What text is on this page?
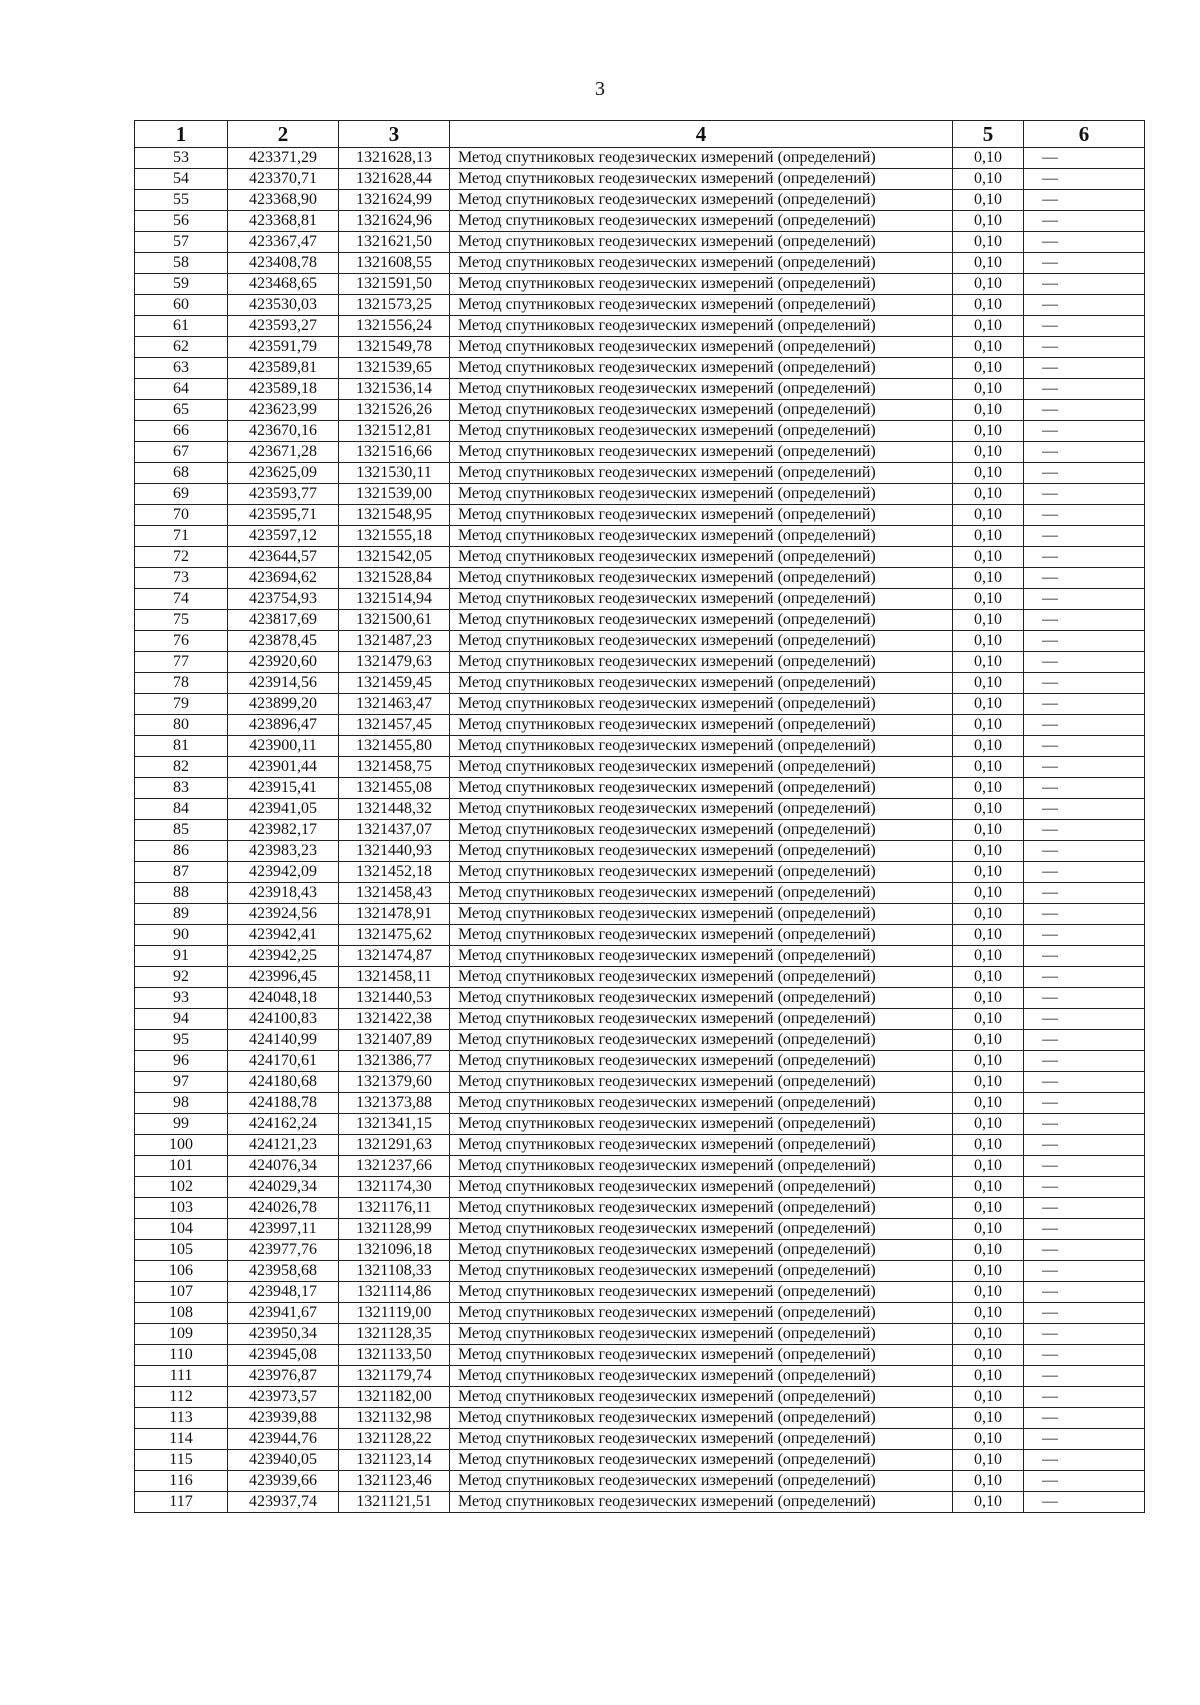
3
1	2	3	4	5	6
53	423371,29	1321628,13	Метод спутниковых геодезических измерений (определений)	0,10	—
54	423370,71	1321628,44	Метод спутниковых геодезических измерений (определений)	0,10	—
55	423368,90	1321624,99	Метод спутниковых геодезических измерений (определений)	0,10	—
56	423368,81	1321624,96	Метод спутниковых геодезических измерений (определений)	0,10	—
57	423367,47	1321621,50	Метод спутниковых геодезических измерений (определений)	0,10	—
58	423408,78	1321608,55	Метод спутниковых геодезических измерений (определений)	0,10	—
59	423468,65	1321591,50	Метод спутниковых геодезических измерений (определений)	0,10	—
60	423530,03	1321573,25	Метод спутниковых геодезических измерений (определений)	0,10	—
61	423593,27	1321556,24	Метод спутниковых геодезических измерений (определений)	0,10	—
62	423591,79	1321549,78	Метод спутниковых геодезических измерений (определений)	0,10	—
63	423589,81	1321539,65	Метод спутниковых геодезических измерений (определений)	0,10	—
64	423589,18	1321536,14	Метод спутниковых геодезических измерений (определений)	0,10	—
65	423623,99	1321526,26	Метод спутниковых геодезических измерений (определений)	0,10	—
66	423670,16	1321512,81	Метод спутниковых геодезических измерений (определений)	0,10	—
67	423671,28	1321516,66	Метод спутниковых геодезических измерений (определений)	0,10	—
68	423625,09	1321530,11	Метод спутниковых геодезических измерений (определений)	0,10	—
69	423593,77	1321539,00	Метод спутниковых геодезических измерений (определений)	0,10	—
70	423595,71	1321548,95	Метод спутниковых геодезических измерений (определений)	0,10	—
71	423597,12	1321555,18	Метод спутниковых геодезических измерений (определений)	0,10	—
72	423644,57	1321542,05	Метод спутниковых геодезических измерений (определений)	0,10	—
73	423694,62	1321528,84	Метод спутниковых геодезических измерений (определений)	0,10	—
74	423754,93	1321514,94	Метод спутниковых геодезических измерений (определений)	0,10	—
75	423817,69	1321500,61	Метод спутниковых геодезических измерений (определений)	0,10	—
76	423878,45	1321487,23	Метод спутниковых геодезических измерений (определений)	0,10	—
77	423920,60	1321479,63	Метод спутниковых геодезических измерений (определений)	0,10	—
78	423914,56	1321459,45	Метод спутниковых геодезических измерений (определений)	0,10	—
79	423899,20	1321463,47	Метод спутниковых геодезических измерений (определений)	0,10	—
80	423896,47	1321457,45	Метод спутниковых геодезических измерений (определений)	0,10	—
81	423900,11	1321455,80	Метод спутниковых геодезических измерений (определений)	0,10	—
82	423901,44	1321458,75	Метод спутниковых геодезических измерений (определений)	0,10	—
83	423915,41	1321455,08	Метод спутниковых геодезических измерений (определений)	0,10	—
84	423941,05	1321448,32	Метод спутниковых геодезических измерений (определений)	0,10	—
85	423982,17	1321437,07	Метод спутниковых геодезических измерений (определений)	0,10	—
86	423983,23	1321440,93	Метод спутниковых геодезических измерений (определений)	0,10	—
87	423942,09	1321452,18	Метод спутниковых геодезических измерений (определений)	0,10	—
88	423918,43	1321458,43	Метод спутниковых геодезических измерений (определений)	0,10	—
89	423924,56	1321478,91	Метод спутниковых геодезических измерений (определений)	0,10	—
90	423942,41	1321475,62	Метод спутниковых геодезических измерений (определений)	0,10	—
91	423942,25	1321474,87	Метод спутниковых геодезических измерений (определений)	0,10	—
92	423996,45	1321458,11	Метод спутниковых геодезических измерений (определений)	0,10	—
93	424048,18	1321440,53	Метод спутниковых геодезических измерений (определений)	0,10	—
94	424100,83	1321422,38	Метод спутниковых геодезических измерений (определений)	0,10	—
95	424140,99	1321407,89	Метод спутниковых геодезических измерений (определений)	0,10	—
96	424170,61	1321386,77	Метод спутниковых геодезических измерений (определений)	0,10	—
97	424180,68	1321379,60	Метод спутниковых геодезических измерений (определений)	0,10	—
98	424188,78	1321373,88	Метод спутниковых геодезических измерений (определений)	0,10	—
99	424162,24	1321341,15	Метод спутниковых геодезических измерений (определений)	0,10	—
100	424121,23	1321291,63	Метод спутниковых геодезических измерений (определений)	0,10	—
101	424076,34	1321237,66	Метод спутниковых геодезических измерений (определений)	0,10	—
102	424029,34	1321174,30	Метод спутниковых геодезических измерений (определений)	0,10	—
103	424026,78	1321176,11	Метод спутниковых геодезических измерений (определений)	0,10	—
104	423997,11	1321128,99	Метод спутниковых геодезических измерений (определений)	0,10	—
105	423977,76	1321096,18	Метод спутниковых геодезических измерений (определений)	0,10	—
106	423958,68	1321108,33	Метод спутниковых геодезических измерений (определений)	0,10	—
107	423948,17	1321114,86	Метод спутниковых геодезических измерений (определений)	0,10	—
108	423941,67	1321119,00	Метод спутниковых геодезических измерений (определений)	0,10	—
109	423950,34	1321128,35	Метод спутниковых геодезических измерений (определений)	0,10	—
110	423945,08	1321133,50	Метод спутниковых геодезических измерений (определений)	0,10	—
111	423976,87	1321179,74	Метод спутниковых геодезических измерений (определений)	0,10	—
112	423973,57	1321182,00	Метод спутниковых геодезических измерений (определений)	0,10	—
113	423939,88	1321132,98	Метод спутниковых геодезических измерений (определений)	0,10	—
114	423944,76	1321128,22	Метод спутниковых геодезических измерений (определений)	0,10	—
115	423940,05	1321123,14	Метод спутниковых геодезических измерений (определений)	0,10	—
116	423939,66	1321123,46	Метод спутниковых геодезических измерений (определений)	0,10	—
117	423937,74	1321121,51	Метод спутниковых геодезических измерений (определений)	0,10	—
